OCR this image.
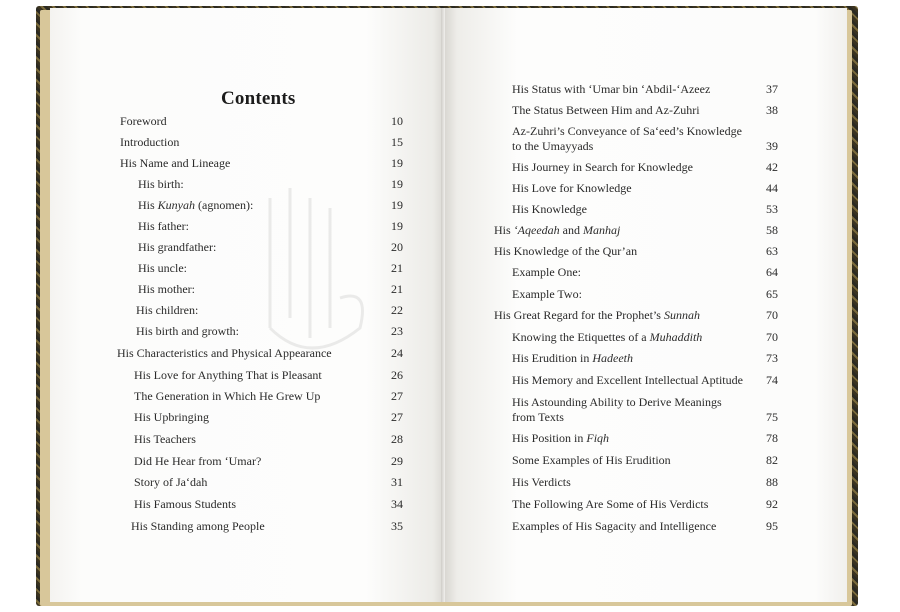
Contents
Foreword	10
Introduction	15
His Name and Lineage	19
His birth:	19
His Kunyah (agnomen):	19
His father:	19
His grandfather:	20
His uncle:	21
His mother:	21
His children:	22
His birth and growth:	23
His Characteristics and Physical Appearance	24
His Love for Anything That is Pleasant	26
The Generation in Which He Grew Up	27
His Upbringing	27
His Teachers	28
Did He Hear from ‘Umar?	29
Story of Ja‘dah	31
His Famous Students	34
His Standing among People	35
His Status with ‘Umar bin ‘Abdil-‘Azeez	37
The Status Between Him and Az-Zuhri	38
Az-Zuhri’s Conveyance of Sa‘eed’s Knowledge
to the Umayyads	39
His Journey in Search for Knowledge	42
His Love for Knowledge	44
His Knowledge	53
His ‘Aqeedah and Manhaj	58
His Knowledge of the Qur’an	63
Example One:	64
Example Two:	65
His Great Regard for the Prophet’s Sunnah	70
Knowing the Etiquettes of a Muhaddith	70
His Erudition in Hadeeth	73
His Memory and Excellent Intellectual Aptitude 74
His Astounding Ability to Derive Meanings
from Texts	75
His Position in Fiqh	78
Some Examples of His Erudition	82
His Verdicts	88
The Following Are Some of His Verdicts	92
Examples of His Sagacity and Intelligence	95
